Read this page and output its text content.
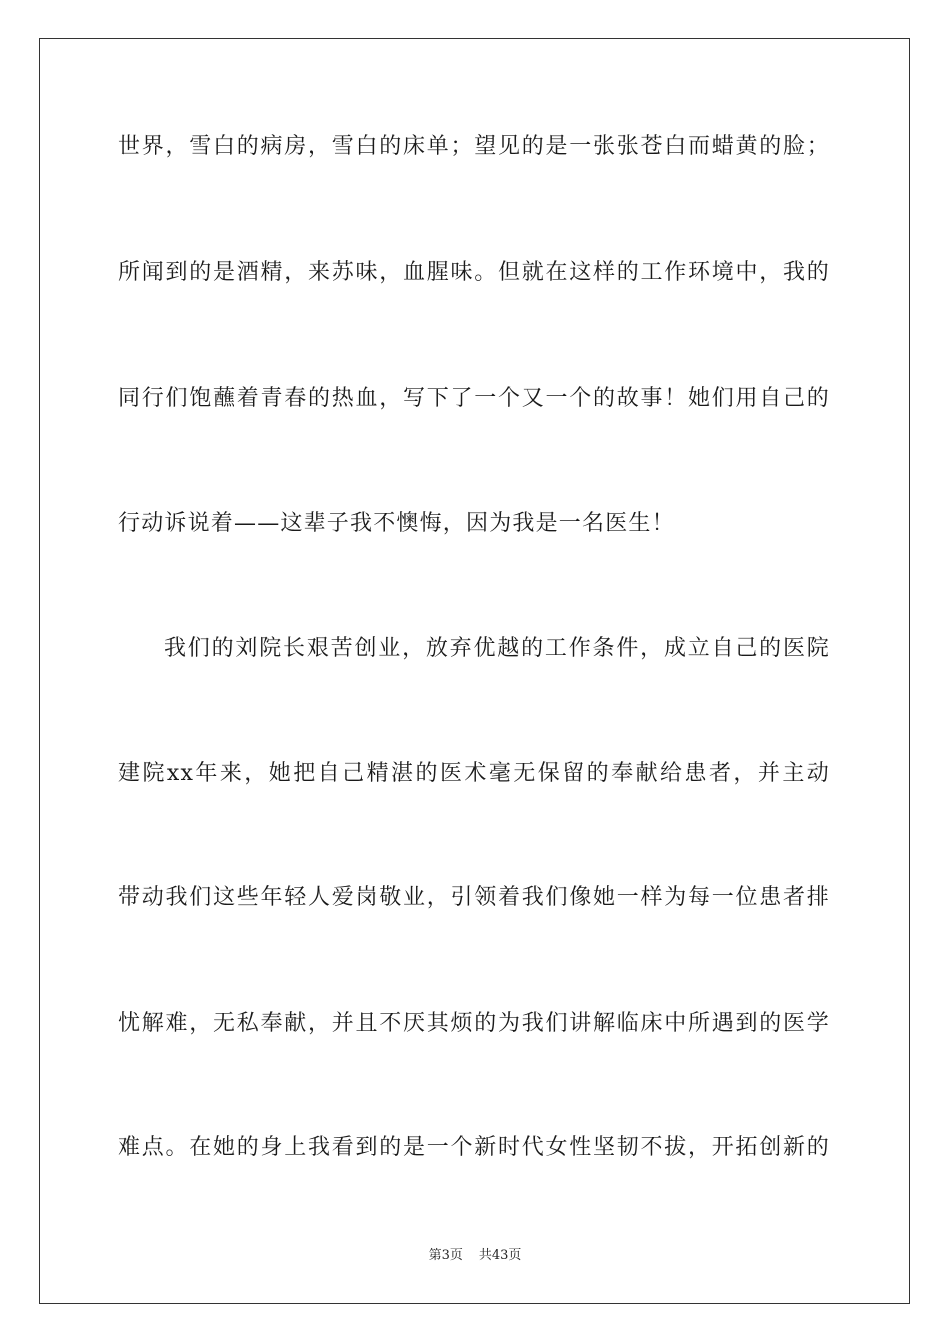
世界，雪白的病房，雪白的床单；望见的是一张张苍白而蜡黄的脸；
所闻到的是酒精，来苏味，血腥味。但就在这样的工作环境中，我的
同行们饱蘸着青春的热血，写下了一个又一个的故事！她们用自己的
行动诉说着——这辈子我不懊悔，因为我是一名医生！
我们的刘院长艰苦创业，放弃优越的工作条件，成立自己的医院
建院xx年来，她把自己精湛的医术毫无保留的奉献给患者，并主动
带动我们这些年轻人爱岗敬业，引领着我们像她一样为每一位患者排
忧解难，无私奉献，并且不厌其烦的为我们讲解临床中所遇到的医学
难点。在她的身上我看到的是一个新时代女性坚韧不拔，开拓创新的
第3页 共43页
